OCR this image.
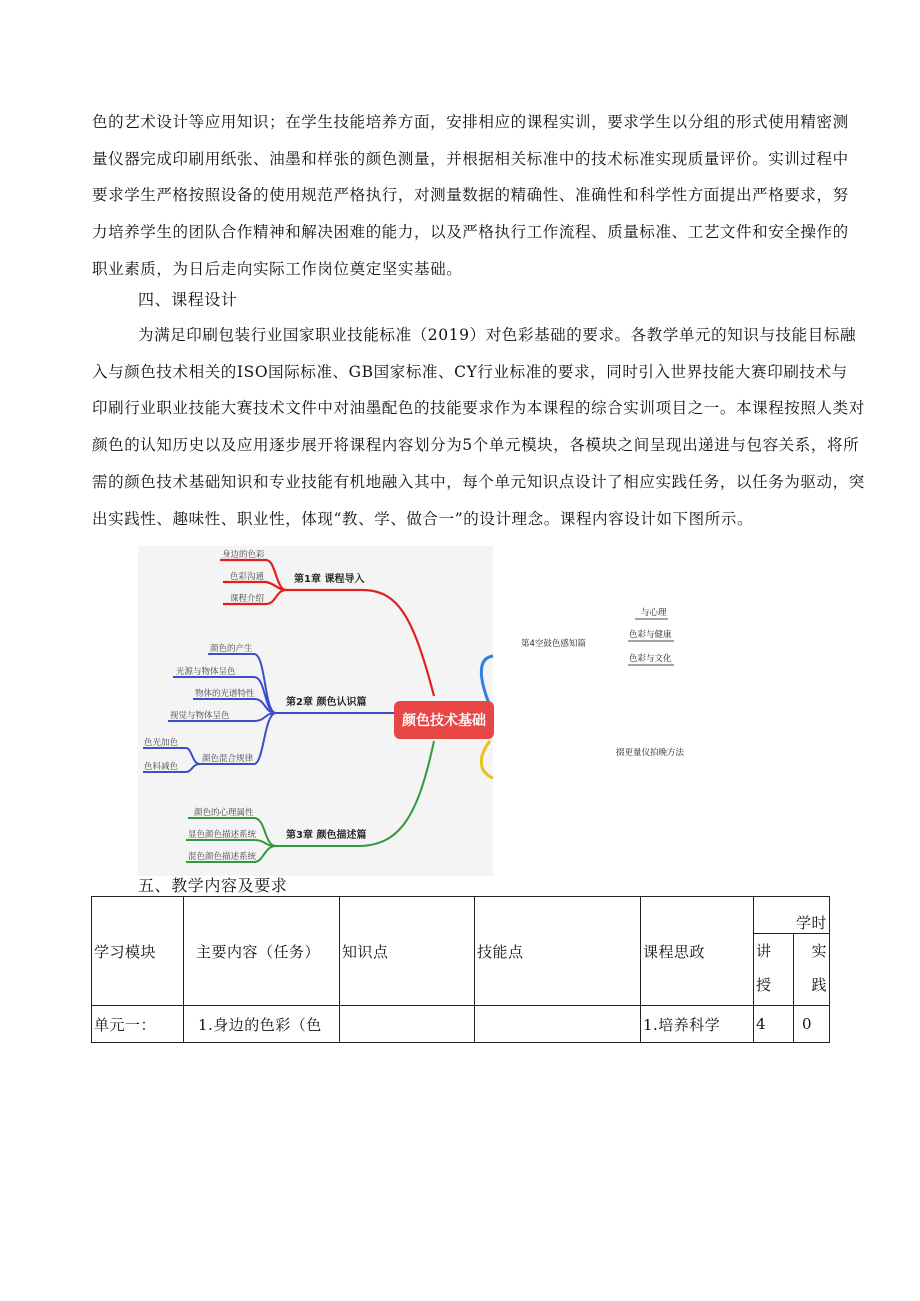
色的艺术设计等应用知识；在学生技能培养方面，安排相应的课程实训，要求学生以分组的形式使用精密测
量仪器完成印刷用纸张、油墨和样张的颜色测量，并根据相关标准中的技术标准实现质量评价。实训过程中
要求学生严格按照设备的使用规范严格执行，对测量数据的精确性、准确性和科学性方面提出严格要求，努
力培养学生的团队合作精神和解决困难的能力，以及严格执行工作流程、质量标准、工艺文件和安全操作的
职业素质，为日后走向实际工作岗位奠定坚实基础。

四、课程设计

为满足印刷包装行业国家职业技能标准（2019）对色彩基础的要求。各教学单元的知识与技能目标融
入与颜色技术相关的ISO国际标准、GB国家标准、CY行业标准的要求，同时引入世界技能大赛印刷技术与
印刷行业职业技能大赛技术文件中对油墨配色的技能要求作为本课程的综合实训项目之一。本课程按照人类对
颜色的认知历史以及应用逐步展开将课程内容划分为5个单元模块，各模块之间呈现出递进与包容关系，将所
需的颜色技术基础知识和专业技能有机地融入其中，每个单元知识点设计了相应实践任务，以任务为驱动，突
出实践性、趣味性、职业性，体现“教、学、做合一”的设计理念。课程内容设计如下图所示。

颜色技术基础
第1章 课程导入
第2章 颜色认识篇
第3章 颜色描述篇
身边的色彩
色彩沟通
课程介绍
颜色的产生
光源与物体呈色
物体的光谱特性
视觉与物体呈色
颜色混合规律
色光加色
色料减色
颜色的心理属性
显色颜色描述系统
混色颜色描述系统
第4空鼓色感知篇
与心理
色彩与健康
色彩与文化
掇更量仪拍晚方法

五、教学内容及要求

学习模块	主要内容（任务）	知识点	技能点	课程思政	学时	

					讲
授	实
践

单元一：	1.身边的色彩（色			1.培养科学	4	0
